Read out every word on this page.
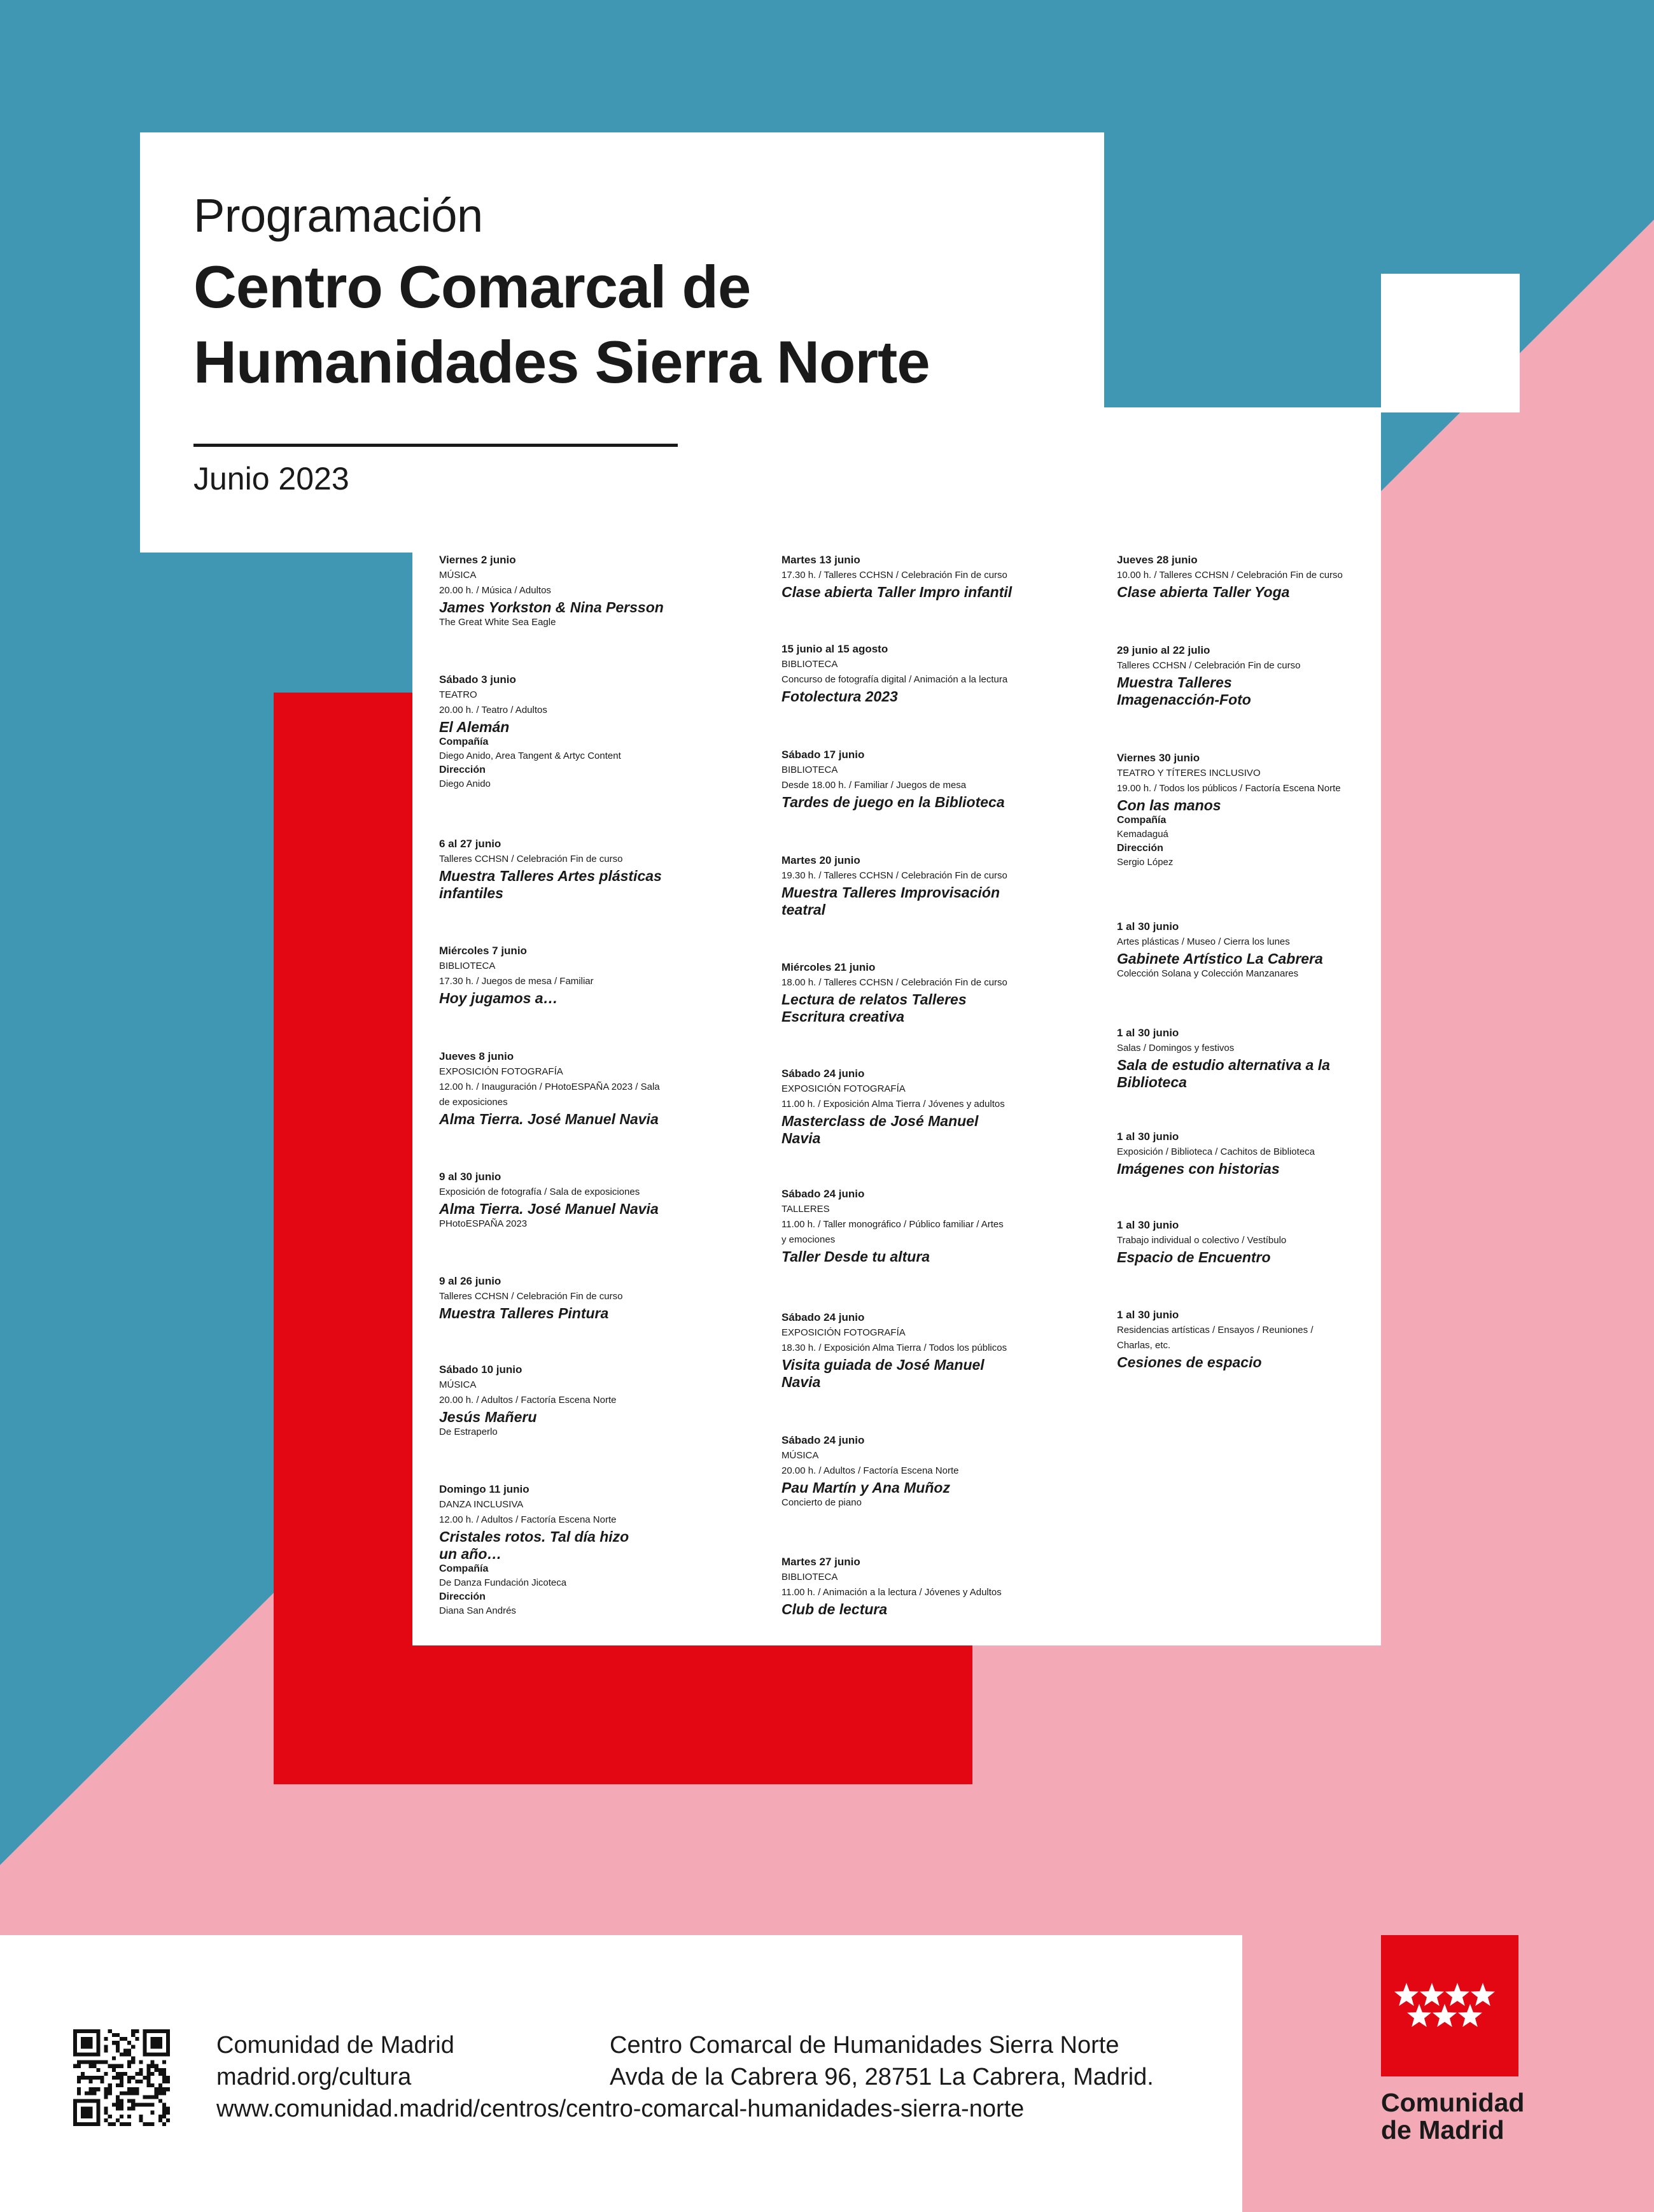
Programación
Centro Comarcal de
Humanidades Sierra Norte
Junio 2023
Viernes 2 junio
MÚSICA
20.00 h. / Música / Adultos
James Yorkston & Nina Persson
The Great White Sea Eagle
Sábado 3 junio
TEATRO
20.00 h. / Teatro / Adultos
El Alemán
Compañía
Diego Anido, Area Tangent & Artyc Content
Dirección
Diego Anido
6 al 27 junio
Talleres CCHSN / Celebración Fin de curso
Muestra Talleres Artes plásticas
infantiles
Miércoles 7 junio
BIBLIOTECA
17.30 h. / Juegos de mesa / Familiar
Hoy jugamos a…
Jueves 8 junio
EXPOSICIÓN FOTOGRAFÍA
12.00 h. / Inauguración / PHotoESPAÑA 2023 / Sala
de exposiciones
Alma Tierra. José Manuel Navia
9 al 30 junio
Exposición de fotografía / Sala de exposiciones
Alma Tierra. José Manuel Navia
PHotoESPAÑA 2023
9 al 26 junio
Talleres CCHSN / Celebración Fin de curso
Muestra Talleres Pintura
Sábado 10 junio
MÚSICA
20.00 h. / Adultos / Factoría Escena Norte
Jesús Mañeru
De Estraperlo
Domingo 11 junio
DANZA INCLUSIVA
12.00 h. / Adultos / Factoría Escena Norte
Cristales rotos. Tal día hizo
un año…
Compañía
De Danza Fundación Jicoteca
Dirección
Diana San Andrés
Martes 13 junio
17.30 h. / Talleres CCHSN / Celebración Fin de curso
Clase abierta Taller Impro infantil
15 junio al 15 agosto
BIBLIOTECA
Concurso de fotografía digital / Animación a la lectura
Fotolectura 2023
Sábado 17 junio
BIBLIOTECA
Desde 18.00 h. / Familiar / Juegos de mesa
Tardes de juego en la Biblioteca
Martes 20 junio
19.30 h. / Talleres CCHSN / Celebración Fin de curso
Muestra Talleres Improvisación
teatral
Miércoles 21 junio
18.00 h. / Talleres CCHSN / Celebración Fin de curso
Lectura de relatos Talleres
Escritura creativa
Sábado 24 junio
EXPOSICIÓN FOTOGRAFÍA
11.00 h. / Exposición Alma Tierra / Jóvenes y adultos
Masterclass de José Manuel
Navia
Sábado 24 junio
TALLERES
11.00 h. / Taller monográfico / Público familiar / Artes
y emociones
Taller Desde tu altura
Sábado 24 junio
EXPOSICIÓN FOTOGRAFÍA
18.30 h. / Exposición Alma Tierra / Todos los públicos
Visita guiada de José Manuel
Navia
Sábado 24 junio
MÚSICA
20.00 h. / Adultos / Factoría Escena Norte
Pau Martín y Ana Muñoz
Concierto de piano
Martes 27 junio
BIBLIOTECA
11.00 h. / Animación a la lectura / Jóvenes y Adultos
Club de lectura
Jueves 28 junio
10.00 h. / Talleres CCHSN / Celebración Fin de curso
Clase abierta Taller Yoga
29 junio al 22 julio
Talleres CCHSN / Celebración Fin de curso
Muestra Talleres
Imagenacción-Foto
Viernes 30 junio
TEATRO Y TÍTERES INCLUSIVO
19.00 h. / Todos los públicos / Factoría Escena Norte
Con las manos
Compañía
Kemadaguá
Dirección
Sergio López
1 al 30 junio
Artes plásticas / Museo / Cierra los lunes
Gabinete Artístico La Cabrera
Colección Solana y Colección Manzanares
1 al 30 junio
Salas / Domingos y festivos
Sala de estudio alternativa a la
Biblioteca
1 al 30 junio
Exposición / Biblioteca / Cachitos de Biblioteca
Imágenes con historias
1 al 30 junio
Trabajo individual o colectivo / Vestíbulo
Espacio de Encuentro
1 al 30 junio
Residencias artísticas / Ensayos / Reuniones /
Charlas, etc.
Cesiones de espacio
Comunidad de Madrid
madrid.org/cultura
www.comunidad.madrid/centros/centro-comarcal-humanidades-sierra-norte
Centro Comarcal de Humanidades Sierra Norte
Avda de la Cabrera 96, 28751 La Cabrera, Madrid.
Comunidad
de Madrid
